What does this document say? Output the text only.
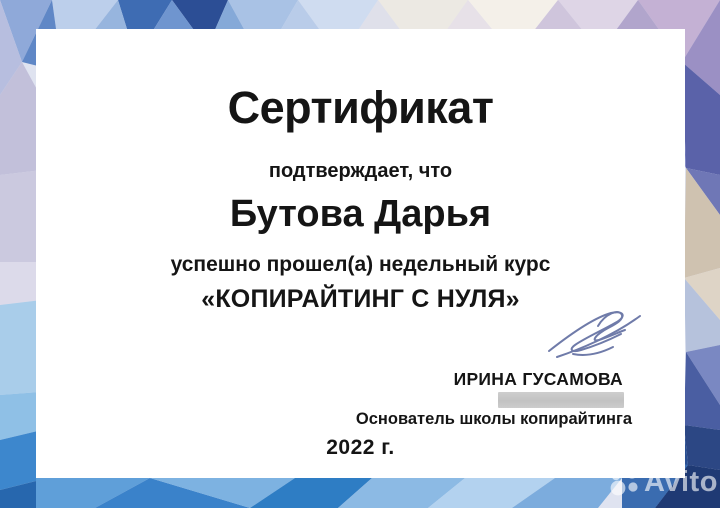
Сертификат
подтверждает, что
Бутова Дарья
успешно прошел(а) недельный курс
«КОПИРАЙТИНГ С НУЛЯ»
ИРИНА ГУСАМОВА
Основатель школы копирайтинга
2022 г.
Avito
